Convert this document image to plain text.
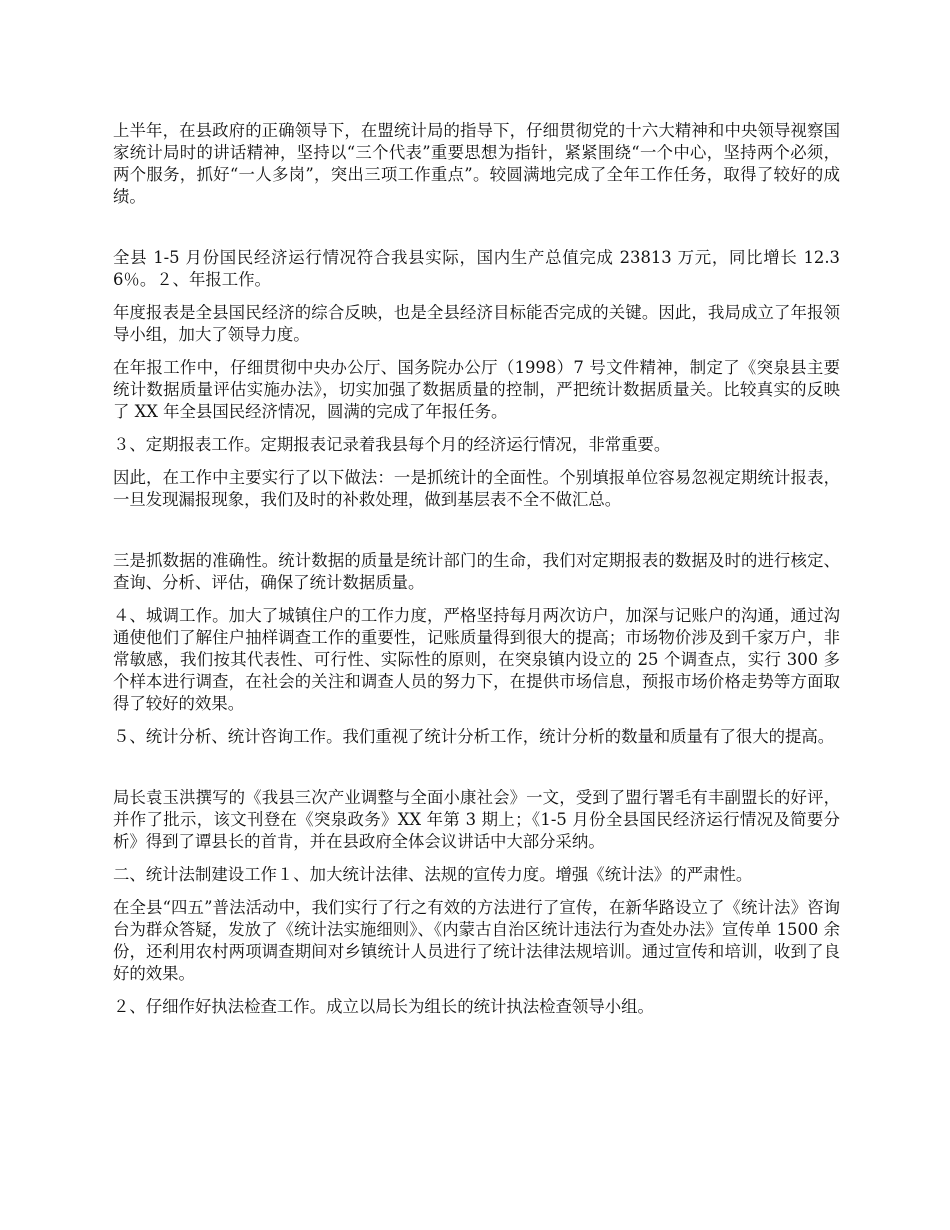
上半年，在县政府的正确领导下，在盟统计局的指导下，仔细贯彻党的十六大精神和中央领导视察国家统计局时的讲话精神，坚持以“三个代表”重要思想为指针，紧紧围绕“一个中心，坚持两个必须，两个服务，抓好“一人多岗”，突出三项工作重点”。较圆满地完成了全年工作任务，取得了较好的成绩。

全县 1-5 月份国民经济运行情况符合我县实际，国内生产总值完成 23813 万元，同比增长 12.36％。２、年报工作。

年度报表是全县国民经济的综合反映，也是全县经济目标能否完成的关键。因此，我局成立了年报领导小组，加大了领导力度。

在年报工作中，仔细贯彻中央办公厅、国务院办公厅（1998）7 号文件精神，制定了《突泉县主要统计数据质量评估实施办法》，切实加强了数据质量的控制，严把统计数据质量关。比较真实的反映了 XX 年全县国民经济情况，圆满的完成了年报任务。

３、定期报表工作。定期报表记录着我县每个月的经济运行情况，非常重要。

因此，在工作中主要实行了以下做法：一是抓统计的全面性。个别填报单位容易忽视定期统计报表，一旦发现漏报现象，我们及时的补救处理，做到基层表不全不做汇总。

三是抓数据的准确性。统计数据的质量是统计部门的生命，我们对定期报表的数据及时的进行核定、查询、分析、评估，确保了统计数据质量。

４、城调工作。加大了城镇住户的工作力度，严格坚持每月两次访户，加深与记账户的沟通，通过沟通使他们了解住户抽样调查工作的重要性，记账质量得到很大的提高；市场物价涉及到千家万户，非常敏感，我们按其代表性、可行性、实际性的原则，在突泉镇内设立的 25 个调查点，实行 300 多个样本进行调查，在社会的关注和调查人员的努力下，在提供市场信息，预报市场价格走势等方面取得了较好的效果。

５、统计分析、统计咨询工作。我们重视了统计分析工作，统计分析的数量和质量有了很大的提高。

局长袁玉洪撰写的《我县三次产业调整与全面小康社会》一文，受到了盟行署毛有丰副盟长的好评，并作了批示，该文刊登在《突泉政务》XX 年第 3 期上；《1-5 月份全县国民经济运行情况及简要分析》得到了谭县长的首肯，并在县政府全体会议讲话中大部分采纳。

二、统计法制建设工作１、加大统计法律、法规的宣传力度。增强《统计法》的严肃性。

在全县“四五”普法活动中，我们实行了行之有效的方法进行了宣传，在新华路设立了《统计法》咨询台为群众答疑，发放了《统计法实施细则》、《内蒙古自治区统计违法行为查处办法》宣传单 1500 余份，还利用农村两项调查期间对乡镇统计人员进行了统计法律法规培训。通过宣传和培训，收到了良好的效果。

２、仔细作好执法检查工作。成立以局长为组长的统计执法检查领导小组。
